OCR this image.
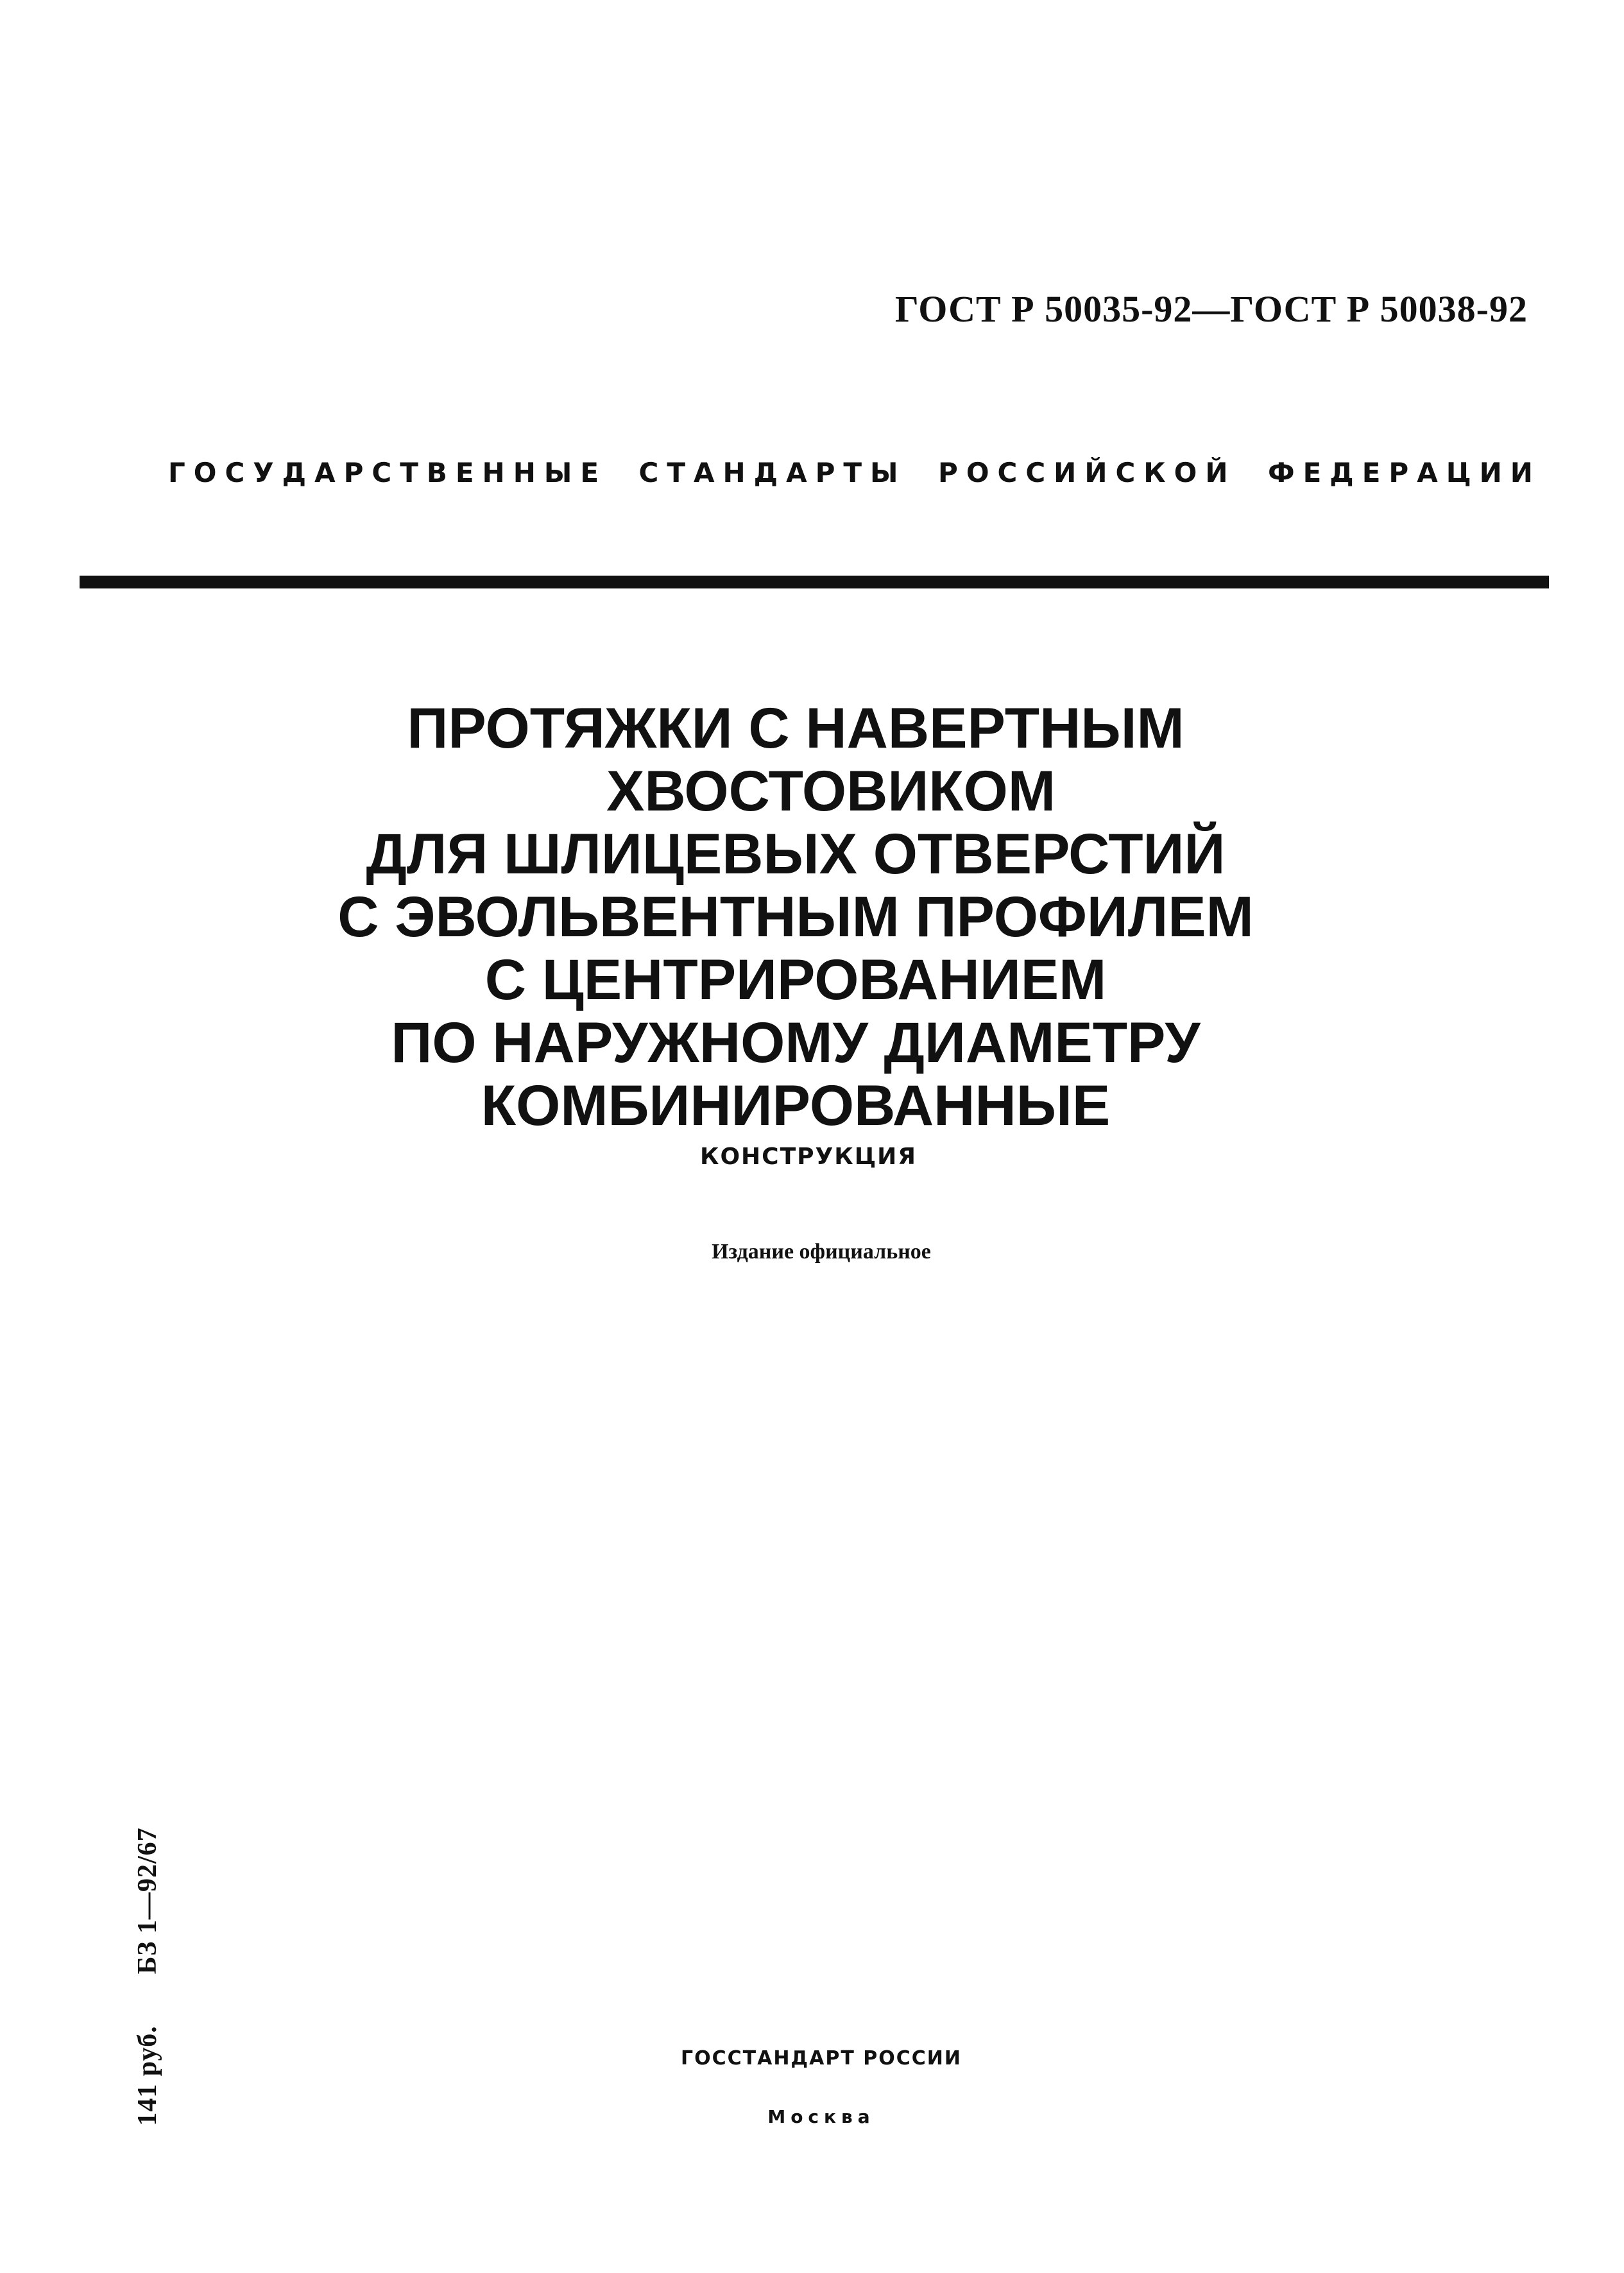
ГОСТ Р 50035-92—ГОСТ Р 50038-92
ГОСУДАРСТВЕННЫЕ СТАНДАРТЫ РОССИЙСКОЙ ФЕДЕРАЦИИ
ПРОТЯЖКИ С НАВЕРТНЫМ
ХВОСТОВИКОМ
ДЛЯ ШЛИЦЕВЫХ ОТВЕРСТИЙ
С ЭВОЛЬВЕНТНЫМ ПРОФИЛЕМ
С ЦЕНТРИРОВАНИЕМ
ПО НАРУЖНОМУ ДИАМЕТРУ
КОМБИНИРОВАННЫЕ
КОНСТРУКЦИЯ
Издание официальное
141 руб.БЗ 1—92/67
ГОССТАНДАРТ РОССИИ
Москва
